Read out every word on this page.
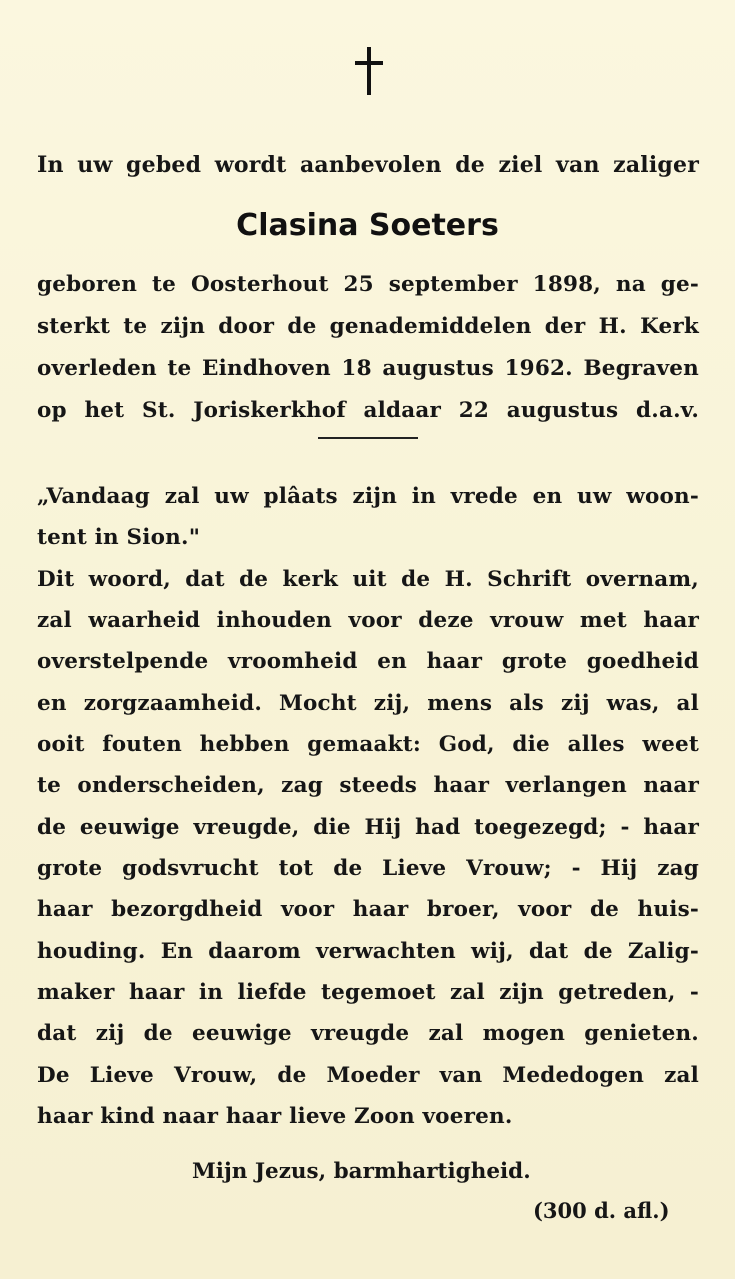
In uw gebed wordt aanbevolen de ziel van zaliger
Clasina Soeters
geboren te Oosterhout 25 september 1898, na ge-
sterkt te zijn door de genademiddelen der H. Kerk
overleden te Eindhoven 18 augustus 1962. Begraven
op het St. Joriskerkhof aldaar 22 augustus d.a.v.
„Vandaag zal uw plâats zijn in vrede en uw woon-
tent in Sion."
Dit woord, dat de kerk uit de H. Schrift overnam,
zal waarheid inhouden voor deze vrouw met haar
overstelpende vroomheid en haar grote goedheid
en zorgzaamheid. Mocht zij, mens als zij was, al
ooit fouten hebben gemaakt: God, die alles weet
te onderscheiden, zag steeds haar verlangen naar
de eeuwige vreugde, die Hij had toegezegd; - haar
grote godsvrucht tot de Lieve Vrouw; - Hij zag
haar bezorgdheid voor haar broer, voor de huis-
houding. En daarom verwachten wij, dat de Zalig-
maker haar in liefde tegemoet zal zijn getreden, -
dat zij de eeuwige vreugde zal mogen genieten.
De Lieve Vrouw, de Moeder van Mededogen zal
haar kind naar haar lieve Zoon voeren.
Mijn Jezus, barmhartigheid.
(300 d. afl.)
